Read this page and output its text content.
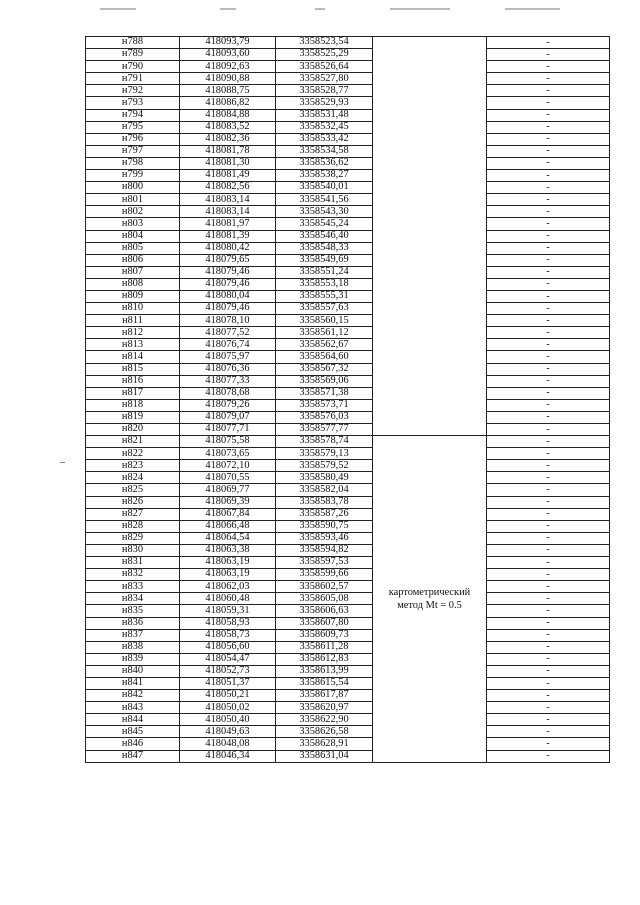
н788	418093,79	3358523,54		-
н789	418093,60	3358525,29		-
н790	418092,63	3358526,64		-
н791	418090,88	3358527,80		-
н792	418088,75	3358528,77		-
н793	418086,82	3358529,93		-
н794	418084,88	3358531,48		-
н795	418083,52	3358532,45		-
н796	418082,36	3358533,42		-
н797	418081,78	3358534,58		-
н798	418081,30	3358536,62		-
н799	418081,49	3358538,27		-
н800	418082,56	3358540,01		-
н801	418083,14	3358541,56		-
н802	418083,14	3358543,30		-
н803	418081,97	3358545,24		-
н804	418081,39	3358546,40		-
н805	418080,42	3358548,33		-
н806	418079,65	3358549,69		-
н807	418079,46	3358551,24		-
н808	418079,46	3358553,18		-
н809	418080,04	3358555,31		-
н810	418079,46	3358557,63		-
н811	418078,10	3358560,15		-
н812	418077,52	3358561,12		-
н813	418076,74	3358562,67		-
н814	418075,97	3358564,60		-
н815	418076,36	3358567,32		-
н816	418077,33	3358569,06		-
н817	418078,68	3358571,38		-
н818	418079,26	3358573,71		-
н819	418079,07	3358576,03		-
н820	418077,71	3358577,77		-
н821	418075,58	3358578,74	картометрический
метод Mt = 0.5	-
н822	418073,65	3358579,13		-
н823	418072,10	3358579,52		-
н824	418070,55	3358580,49		-
н825	418069,77	3358582,04		-
н826	418069,39	3358583,78		-
н827	418067,84	3358587,26		-
н828	418066,48	3358590,75		-
н829	418064,54	3358593,46		-
н830	418063,38	3358594,82		-
н831	418063,19	3358597,53		-
н832	418063,19	3358599,66		-
н833	418062,03	3358602,57		-
н834	418060,48	3358605,08		-
н835	418059,31	3358606,63		-
н836	418058,93	3358607,80		-
н837	418058,73	3358609,73		-
н838	418056,60	3358611,28		-
н839	418054,47	3358612,83		-
н840	418052,73	3358613,99		-
н841	418051,37	3358615,54		-
н842	418050,21	3358617,87		-
н843	418050,02	3358620,97		-
н844	418050,40	3358622,90		-
н845	418049,63	3358626,58		-
н846	418048,08	3358628,91		-
н847	418046,34	3358631,04		-
